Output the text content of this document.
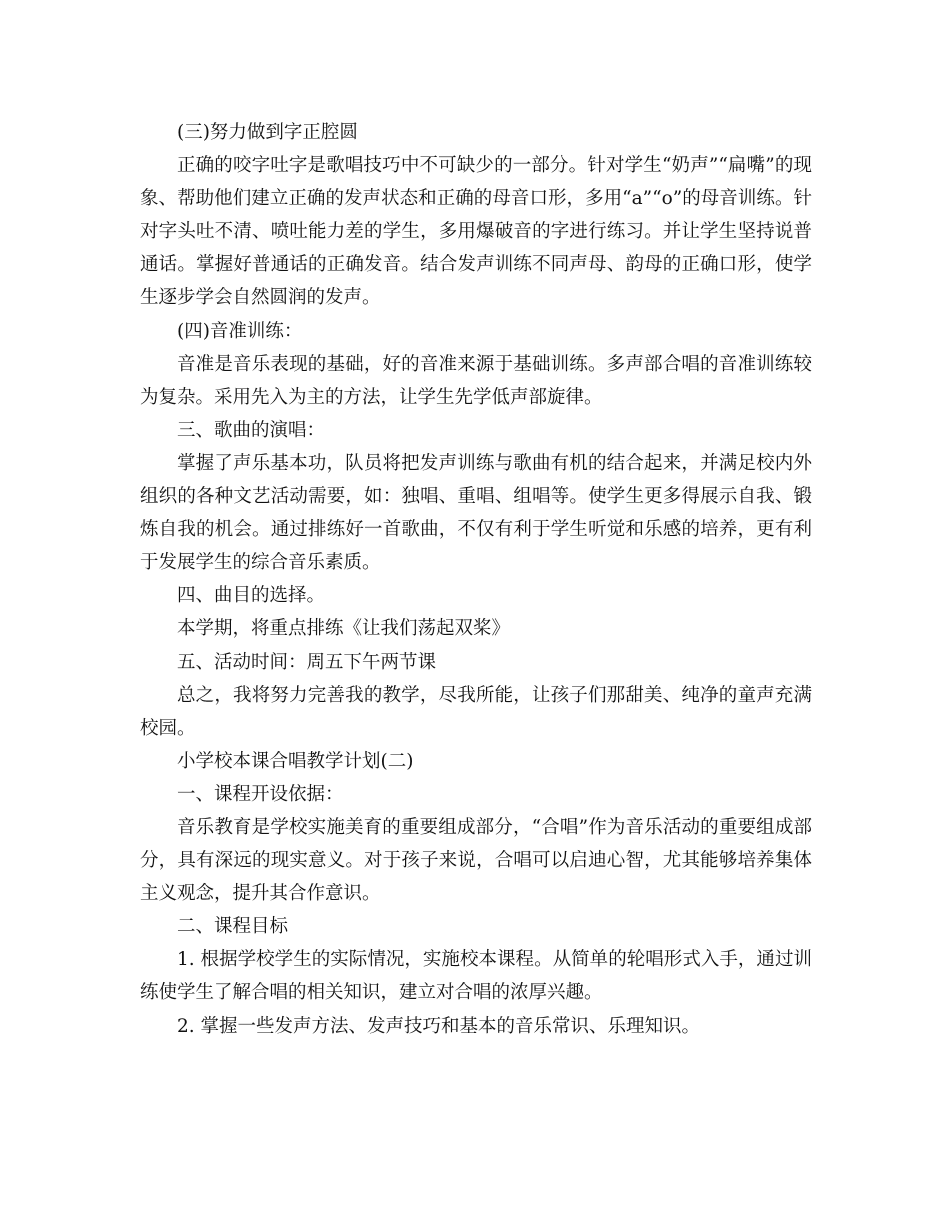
(三)努力做到字正腔圆

正确的咬字吐字是歌唱技巧中不可缺少的一部分。针对学生“奶声”“扁嘴”的现象、帮助他们建立正确的发声状态和正确的母音口形，多用“a”“o”的母音训练。针对字头吐不清、喷吐能力差的学生，多用爆破音的字进行练习。并让学生坚持说普通话。掌握好普通话的正确发音。结合发声训练不同声母、韵母的正确口形，使学生逐步学会自然圆润的发声。

(四)音准训练：

音准是音乐表现的基础，好的音准来源于基础训练。多声部合唱的音准训练较为复杂。采用先入为主的方法，让学生先学低声部旋律。

三、歌曲的演唱：

掌握了声乐基本功，队员将把发声训练与歌曲有机的结合起来，并满足校内外组织的各种文艺活动需要，如：独唱、重唱、组唱等。使学生更多得展示自我、锻炼自我的机会。通过排练好一首歌曲，不仅有利于学生听觉和乐感的培养，更有利于发展学生的综合音乐素质。

四、曲目的选择。

本学期，将重点排练《让我们荡起双桨》

五、活动时间：周五下午两节课

总之，我将努力完善我的教学，尽我所能，让孩子们那甜美、纯净的童声充满校园。

小学校本课合唱教学计划(二)

一、课程开设依据：

音乐教育是学校实施美育的重要组成部分，“合唱”作为音乐活动的重要组成部分，具有深远的现实意义。对于孩子来说，合唱可以启迪心智，尤其能够培养集体主义观念，提升其合作意识。

二、课程目标

1. 根据学校学生的实际情况，实施校本课程。从简单的轮唱形式入手，通过训练使学生了解合唱的相关知识，建立对合唱的浓厚兴趣。

2. 掌握一些发声方法、发声技巧和基本的音乐常识、乐理知识。
